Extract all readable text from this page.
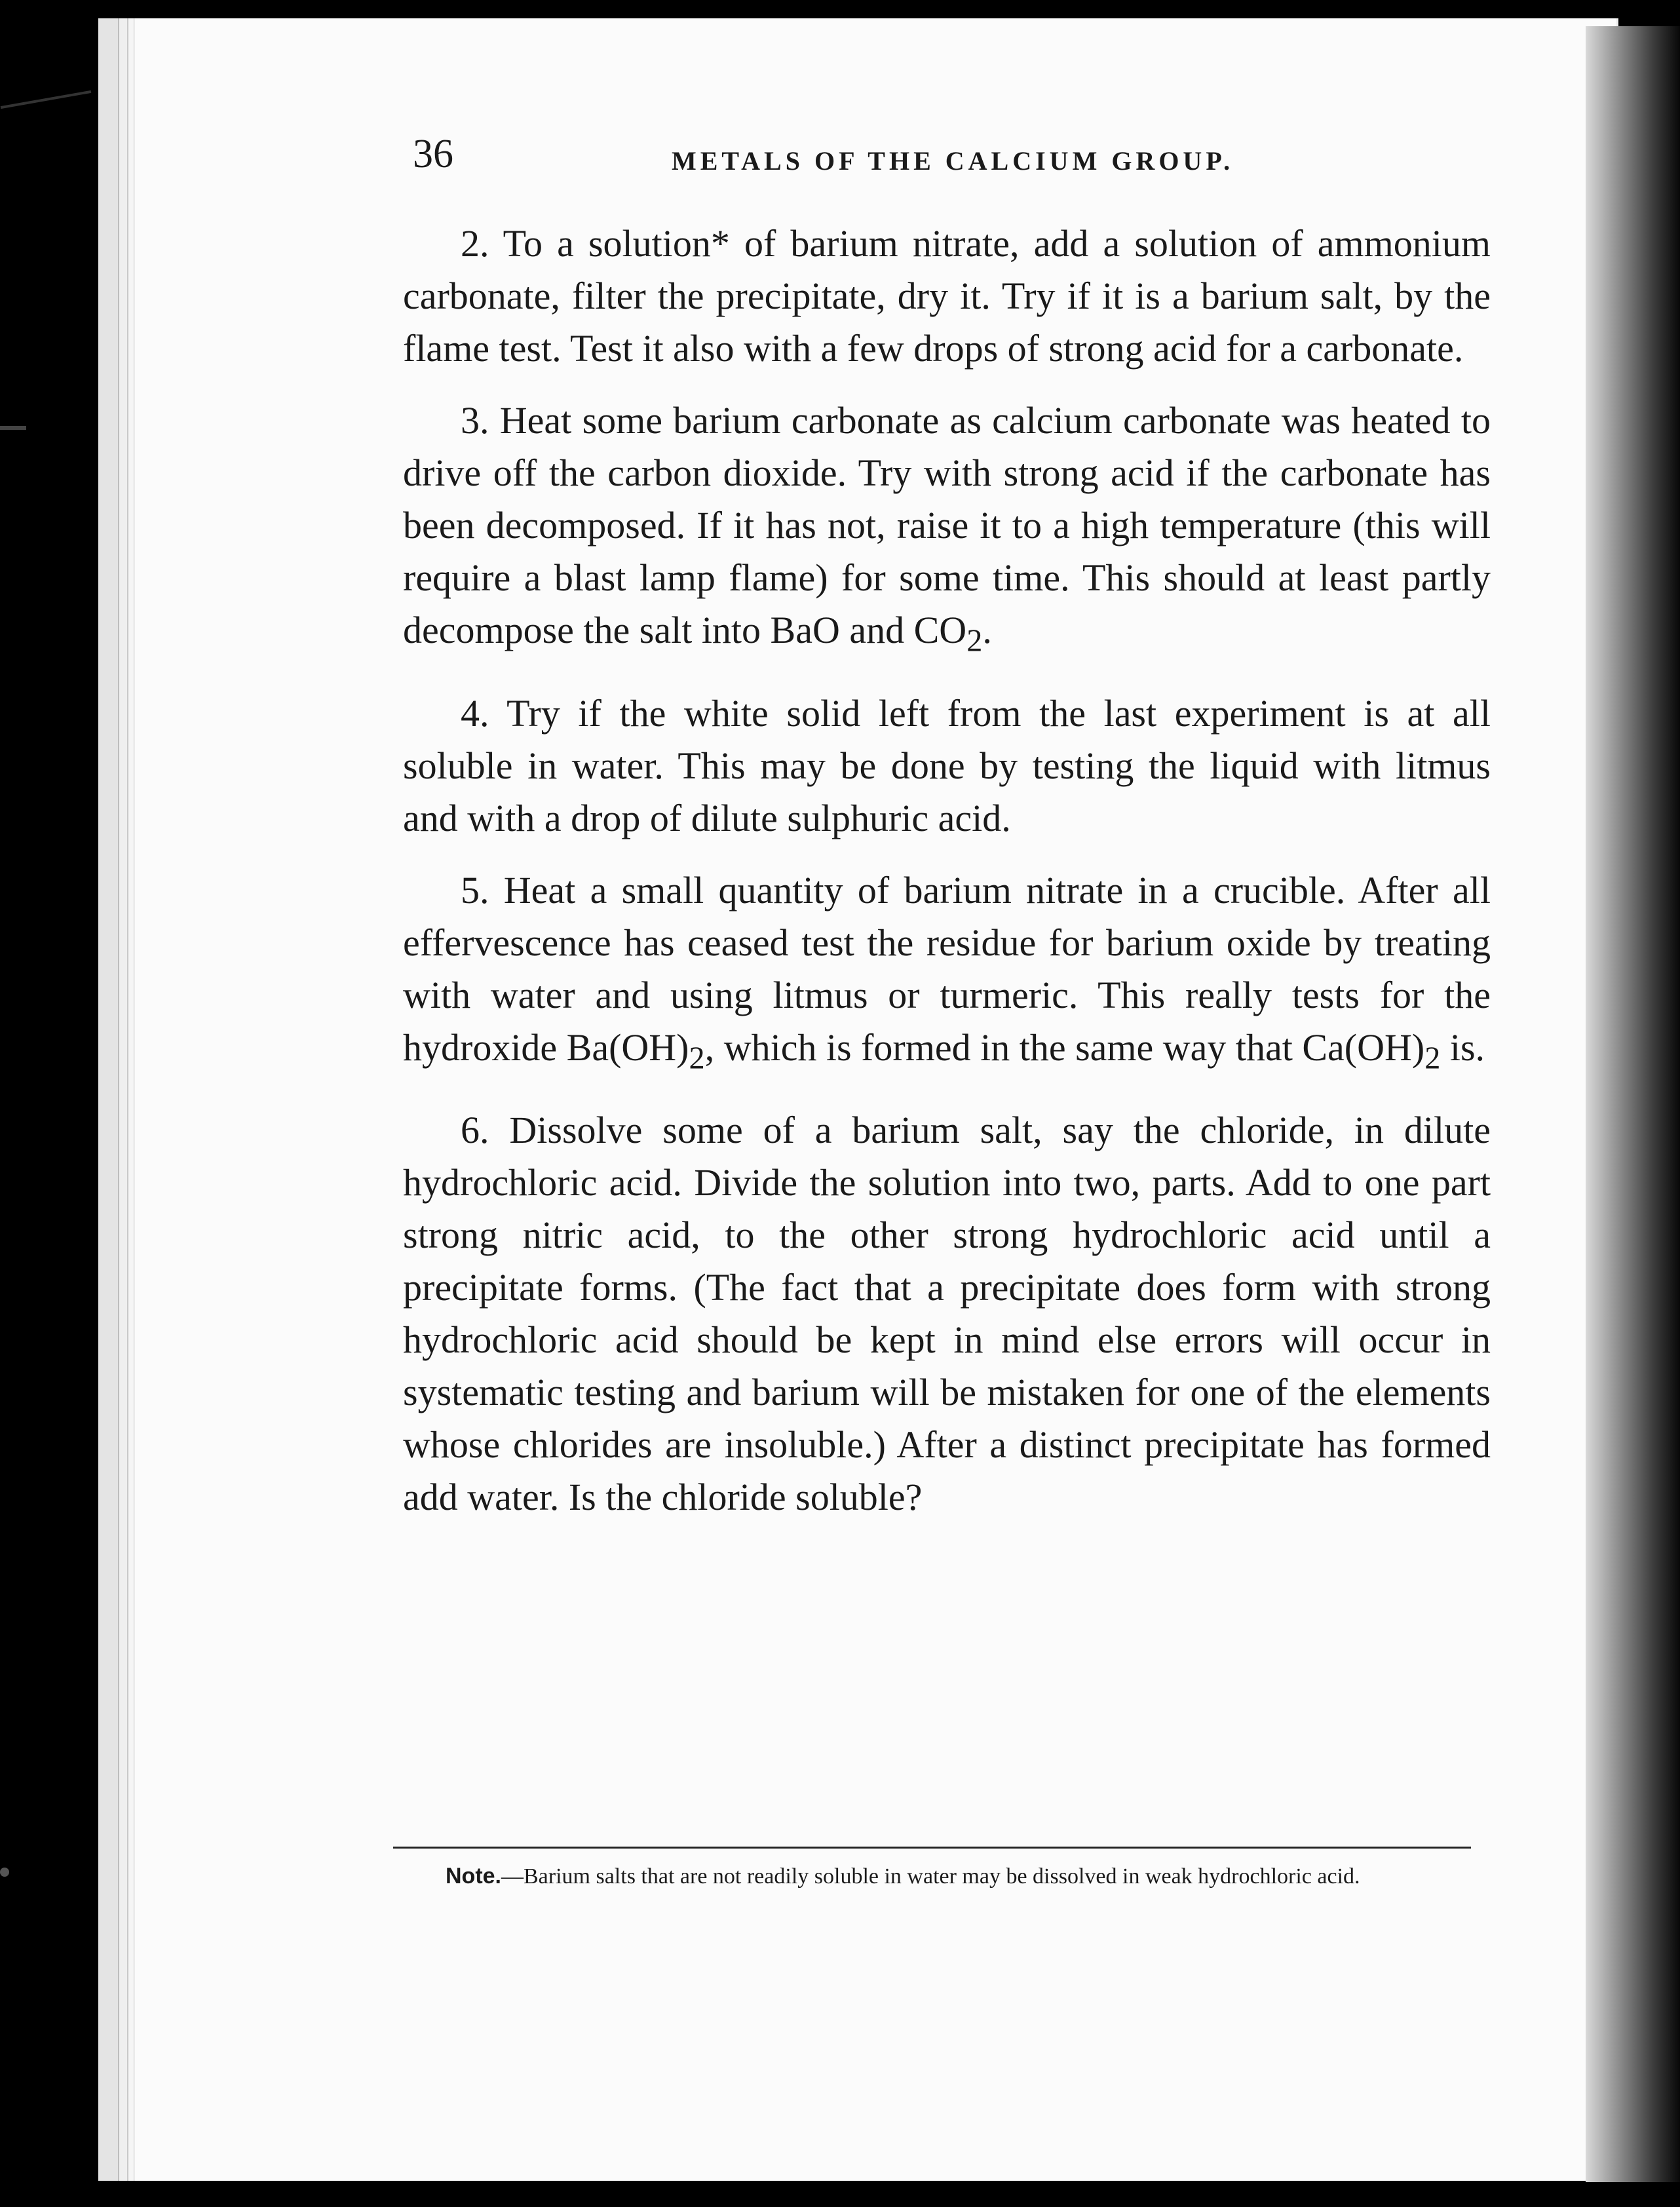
36	METALS OF THE CALCIUM GROUP.

2. To a solution* of barium nitrate, add a solution of ammonium carbonate, filter the precipitate, dry it. Try if it is a barium salt, by the flame test. Test it also with a few drops of strong acid for a carbonate.

3. Heat some barium carbonate as calcium carbonate was heated to drive off the carbon dioxide. Try with strong acid if the carbonate has been decomposed. If it has not, raise it to a high temperature (this will require a blast lamp flame) for some time. This should at least partly decompose the salt into BaO and $CO_2$.

4. Try if the white solid left from the last experiment is at all soluble in water. This may be done by testing the liquid with litmus and with a drop of dilute sulphuric acid.

5. Heat a small quantity of barium nitrate in a crucible. After all effervescence has ceased test the residue for barium oxide by treating with water and using litmus or turmeric. This really tests for the hydroxide $Ba(OH)_2$, which is formed in the same way that $Ca(OH)_2$ is.

6. Dissolve some of a barium salt, say the chloride, in dilute hydrochloric acid. Divide the solution into two, parts. Add to one part strong nitric acid, to the other strong hydrochloric acid until a precipitate forms. (The fact that a precipitate does form with strong hydrochloric acid should be kept in mind else errors will occur in systematic testing and barium will be mistaken for one of the elements whose chlorides are insoluble.) After a distinct precipitate has formed add water. Is the chloride soluble?

Note.—Barium salts that are not readily soluble in water may be dissolved in weak hydrochloric acid.
